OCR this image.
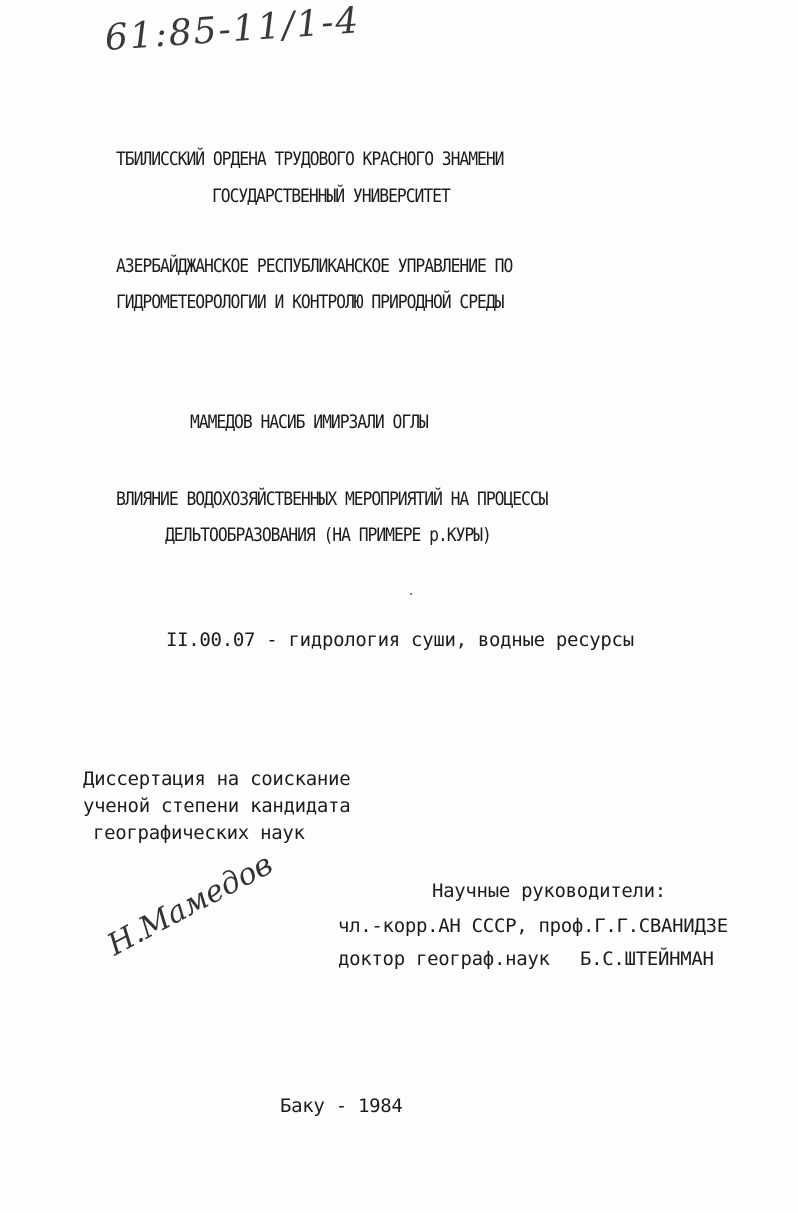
61:85-11/1-4
ТБИЛИССКИЙ ОРДЕНА ТРУДОВОГО КРАСНОГО ЗНАМЕНИ
ГОСУДАРСТВЕННЫЙ УНИВЕРСИТЕТ
АЗЕРБАЙДЖАНСКОЕ РЕСПУБЛИКАНСКОЕ УПРАВЛЕНИЕ ПО
ГИДРОМЕТЕОРОЛОГИИ И КОНТРОЛЮ ПРИРОДНОЙ СРЕДЫ
МАМЕДОВ НАСИБ ИМИРЗАЛИ ОГЛЫ
ВЛИЯНИЕ ВОДОХОЗЯЙСТВЕННЫХ МЕРОПРИЯТИЙ НА ПРОЦЕССЫ
ДЕЛЬТООБРАЗОВАНИЯ (НА ПРИМЕРЕ р.КУРЫ)
II.00.07 - гидрология суши, водные ресурсы
Диссертация на соискание
ученой степени кандидата
географических наук
Научные руководители:
чл.-корр.АН СССР, проф.Г.Г.СВАНИДЗЕ
доктор географ.наук Б.С.ШТЕЙНМАН
Н.Мамедов
Баку - 1984
